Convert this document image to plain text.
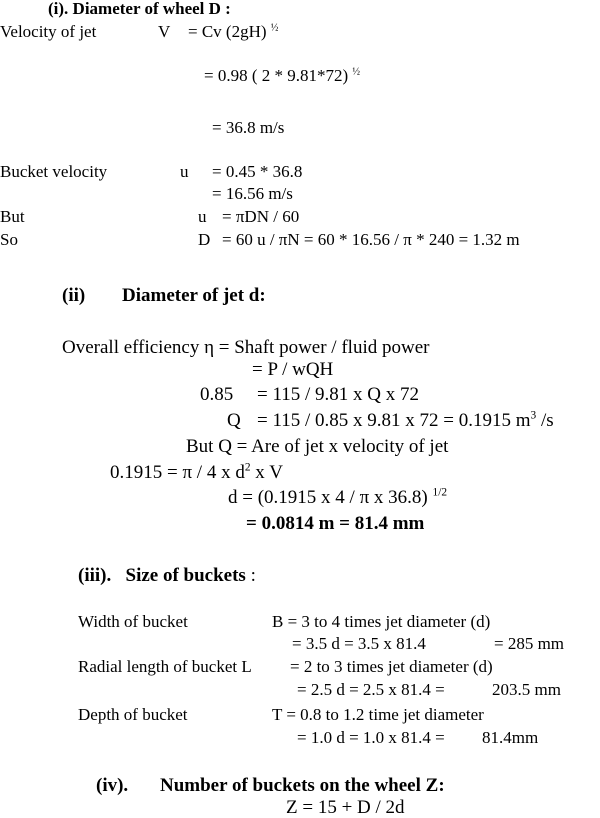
(i). Diameter of wheel D :
Velocity of jet	V = Cv (2gH) $^{\frac{1}{2}}$
= 0.98 ( 2 * 9.81*72) $^{\frac{1}{2}}$
= 36.8 m/s
Bucket velocity	u = 0.45 * 36.8
= 16.56 m/s
But	u = πDN / 60
So	D = 60 u / πN = 60 * 16.56 / π * 240 = 1.32 m
(ii) Diameter of jet d:
Overall efficiency η = Shaft power / fluid power
= P / wQH
0.85 = 115 / 9.81 x Q x 72
Q = 115 / 0.85 x 9.81 x 72 = 0.1915 $m^3$ /s
But Q = Are of jet x velocity of jet
0.1915 = π / 4 x $d^2$ x V
d = (0.1915 x 4 / π x 36.8) $^{1/2}$
= 0.0814 m = 81.4 mm
(iii). Size of buckets :
Width of bucket	B = 3 to 4 times jet diameter (d)
= 3.5 d = 3.5 x 81.4	= 285 mm
Radial length of bucket L = 2 to 3 times jet diameter (d)
= 2.5 d = 2.5 x 81.4 =	203.5 mm
Depth of bucket	T = 0.8 to 1.2 time jet diameter
= 1.0 d = 1.0 x 81.4 = 81.4mm
(iv). Number of buckets on the wheel Z:
Z = 15 + D / 2d
